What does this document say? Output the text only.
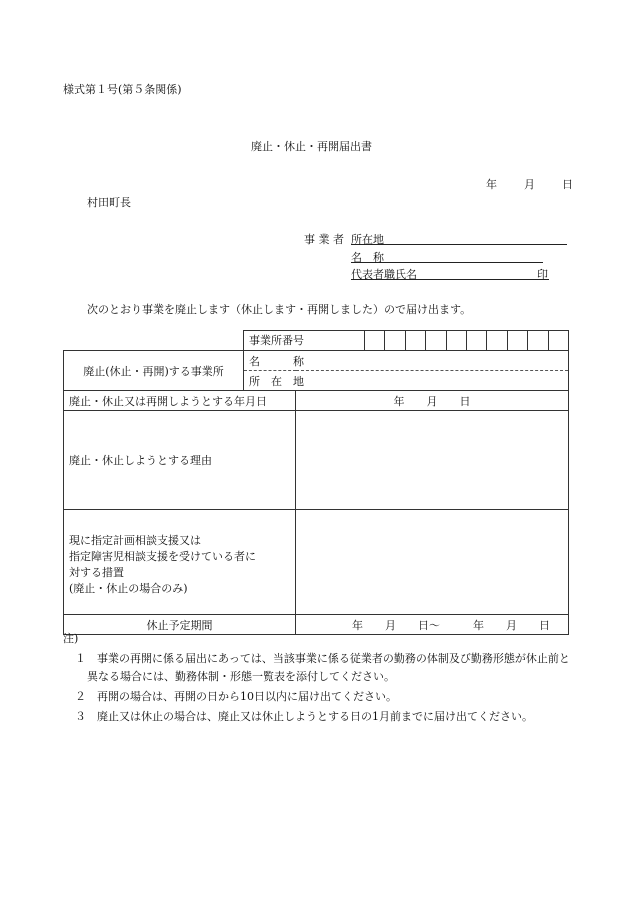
様式第１号(第５条関係)
廃止・休止・再開届出書
年 月 日
村田町長
事 業 者 所在地
名　称
代表者職氏名	印
次のとおり事業を廃止します（休止します・再開しました）ので届け出ます。

	事業所番号	

廃止(休止・再開)する事業所	名　　　称	
	所　在　地	
廃止・休止又は再開しようとする年月日		年　　月　　日
廃止・休止しようとする理由		

現に指定計画相談支援又は
指定障害児相談支援を受けている者に
対する措置
(廃止・休止の場合のみ)		

休止予定期間		年　　月　　日〜　　　年　　月　　日
注)
１　事業の再開に係る届出にあっては、当該事業に係る従業者の勤務の体制及び勤務形態が休止前と異なる場合には、勤務体制・形態一覧表を添付してください。
２　再開の場合は、再開の日から10日以内に届け出てください。
３　廃止又は休止の場合は、廃止又は休止しようとする日の1月前までに届け出てください。
